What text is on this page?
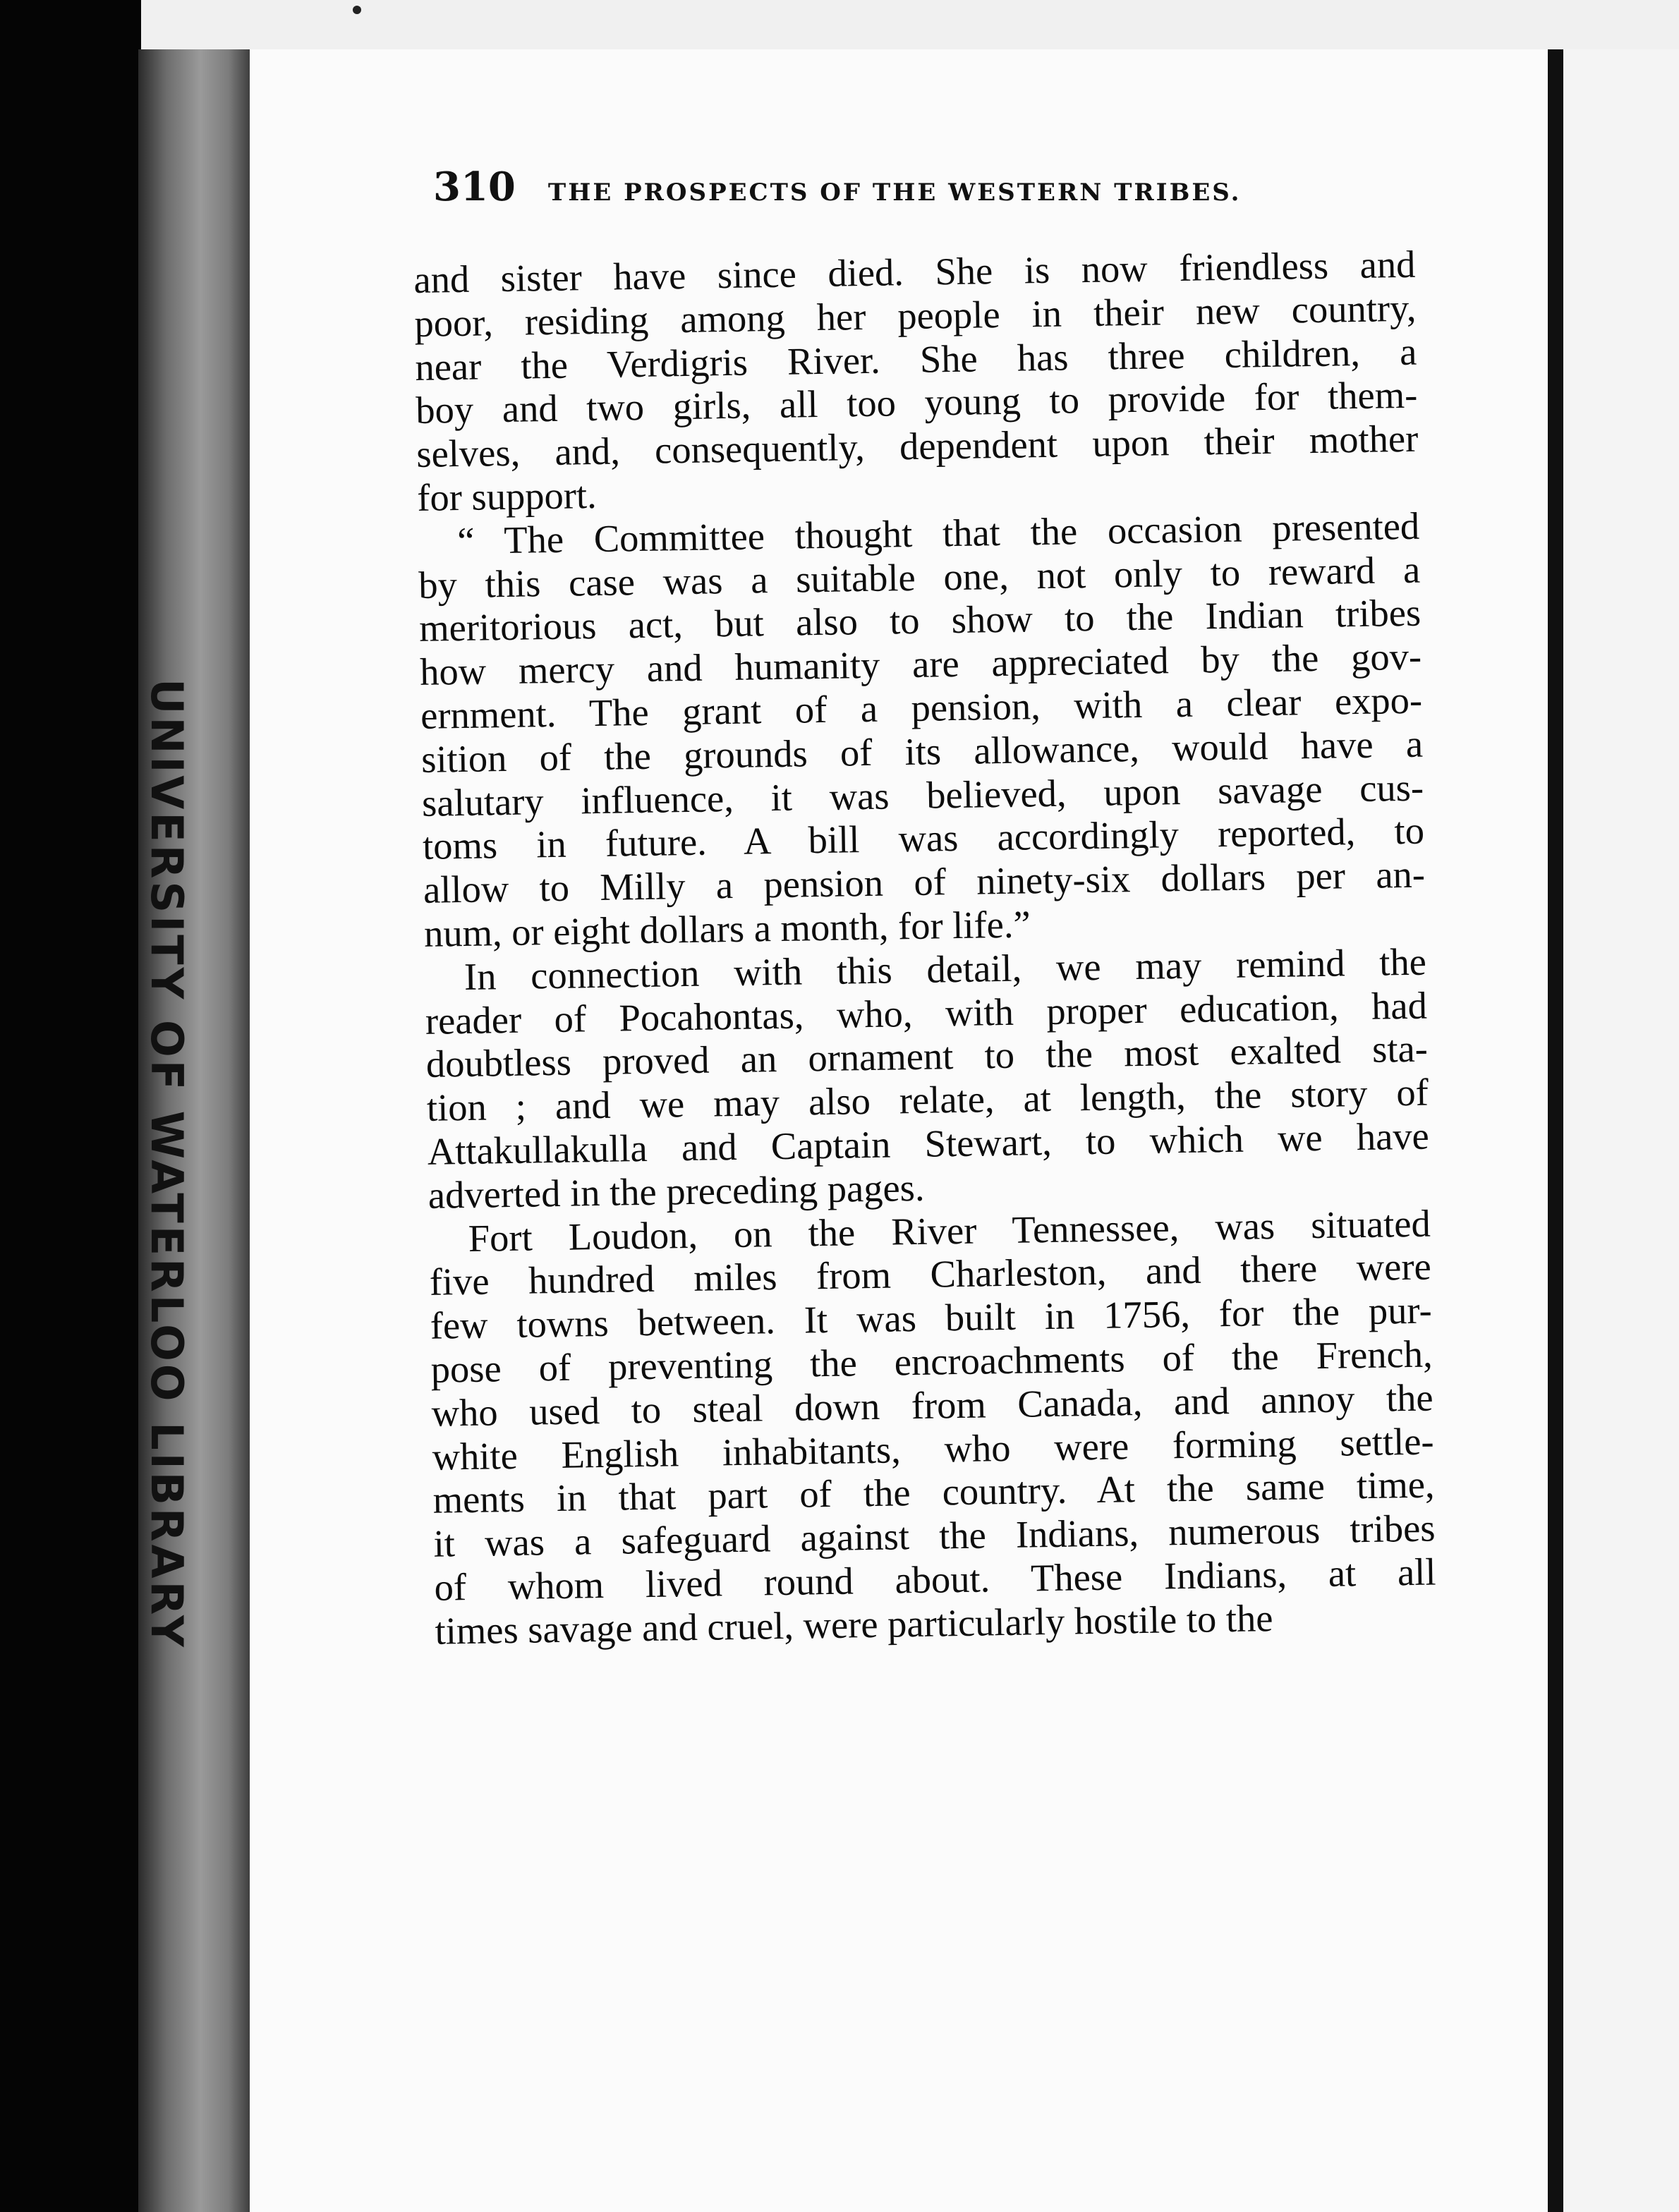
UNIVERSITY OF WATERLOO LIBRARY
310 THE PROSPECTS OF THE WESTERN TRIBES.

and sister have since died. She is now friendless and
poor, residing among her people in their new country,
near the Verdigris River. She has three children, a
boy and two girls, all too young to provide for them-
selves, and, consequently, dependent upon their mother
for support.

“ The Committee thought that the occasion presented
by this case was a suitable one, not only to reward a
meritorious act, but also to show to the Indian tribes
how mercy and humanity are appreciated by the gov-
ernment. The grant of a pension, with a clear expo-
sition of the grounds of its allowance, would have a
salutary influence, it was believed, upon savage cus-
toms in future. A bill was accordingly reported, to
allow to Milly a pension of ninety-six dollars per an-
num, or eight dollars a month, for life.”

In connection with this detail, we may remind the
reader of Pocahontas, who, with proper education, had
doubtless proved an ornament to the most exalted sta-
tion ; and we may also relate, at length, the story of
Attakullakulla and Captain Stewart, to which we have
adverted in the preceding pages.

Fort Loudon, on the River Tennessee, was situated
five hundred miles from Charleston, and there were
few towns between. It was built in 1756, for the pur-
pose of preventing the encroachments of the French,
who used to steal down from Canada, and annoy the
white English inhabitants, who were forming settle-
ments in that part of the country. At the same time,
it was a safeguard against the Indians, numerous tribes
of whom lived round about. These Indians, at all
times savage and cruel, were particularly hostile to the
